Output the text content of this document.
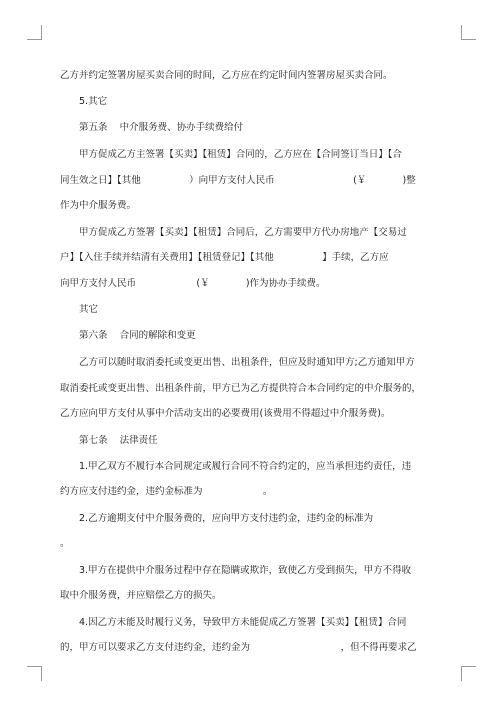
乙方并约定签署房屋买卖合同的时间，乙方应在约定时间内签署房屋买卖合同。
5.其它
第五条    中介服务费、协办手续费给付
甲方促成乙方主签署【买卖】【租赁】合同的，乙方应在【合同签订当日】【合
同生效之日】【其他                ）向甲方支付人民币                          (￥            )整
作为中介服务费。
甲方促成乙方签署【买卖】【租赁】合同后，乙方需要甲方代办房地产【交易过
户】【入住手续并结清有关费用】【租赁登记】【其他                】手续，乙方应
向甲方支付人民币                    (￥            )作为协办手续费。
其它
第六条    合同的解除和变更
乙方可以随时取消委托或变更出售、出租条件，但应及时通知甲方;乙方通知甲方
取消委托或变更出售、出租条件前，甲方已为乙方提供符合本合同约定的中介服务的，
乙方应向甲方支付从事中介活动支出的必要费用(该费用不得超过中介服务费)。
第七条    法律责任
1.甲乙双方不履行本合同规定或履行合同不符合约定的，应当承担违约责任，违
约方应支付违约金，违约金标准为                    。
2.乙方逾期支付中介服务费的，应向甲方支付违约金，违约金的标准为
。
3.甲方在提供中介服务过程中存在隐瞒或欺诈，致使乙方受到损失，甲方不得收
取中介服务费，并应赔偿乙方的损失。
4.因乙方未能及时履行义务，导致甲方未能促成乙方签署【买卖】【租赁】合同
的，甲方可以要求乙方支付违约金，违约金为                              ，但不得再要求乙
